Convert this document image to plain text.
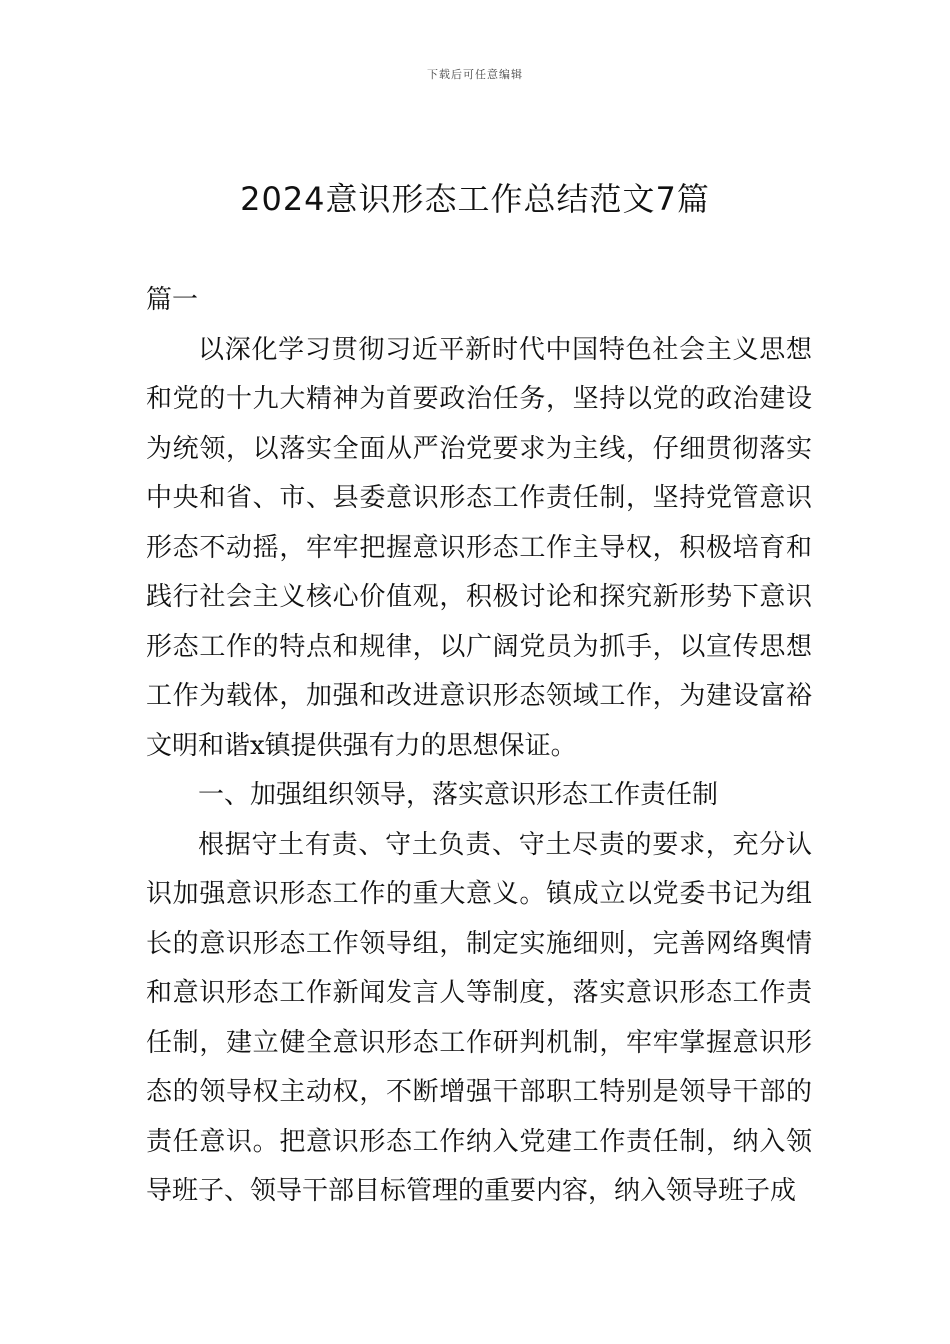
下载后可任意编辑
2024意识形态工作总结范文7篇

篇一

以深化学习贯彻习近平新时代中国特色社会主义思想和党的十九大精神为首要政治任务，坚持以党的政治建设为统领，以落实全面从严治党要求为主线，仔细贯彻落实中央和省、市、县委意识形态工作责任制，坚持党管意识形态不动摇，牢牢把握意识形态工作主导权，积极培育和践行社会主义核心价值观，积极讨论和探究新形势下意识形态工作的特点和规律，以广阔党员为抓手，以宣传思想工作为载体，加强和改进意识形态领域工作，为建设富裕文明和谐x镇提供强有力的思想保证。

一、加强组织领导，落实意识形态工作责任制

根据守土有责、守土负责、守土尽责的要求，充分认识加强意识形态工作的重大意义。镇成立以党委书记为组长的意识形态工作领导组，制定实施细则，完善网络舆情和意识形态工作新闻发言人等制度，落实意识形态工作责任制，建立健全意识形态工作研判机制，牢牢掌握意识形态的领导权主动权，不断增强干部职工特别是领导干部的责任意识。把意识形态工作纳入党建工作责任制，纳入领导班子、领导干部目标管理的重要内容，纳入领导班子成
